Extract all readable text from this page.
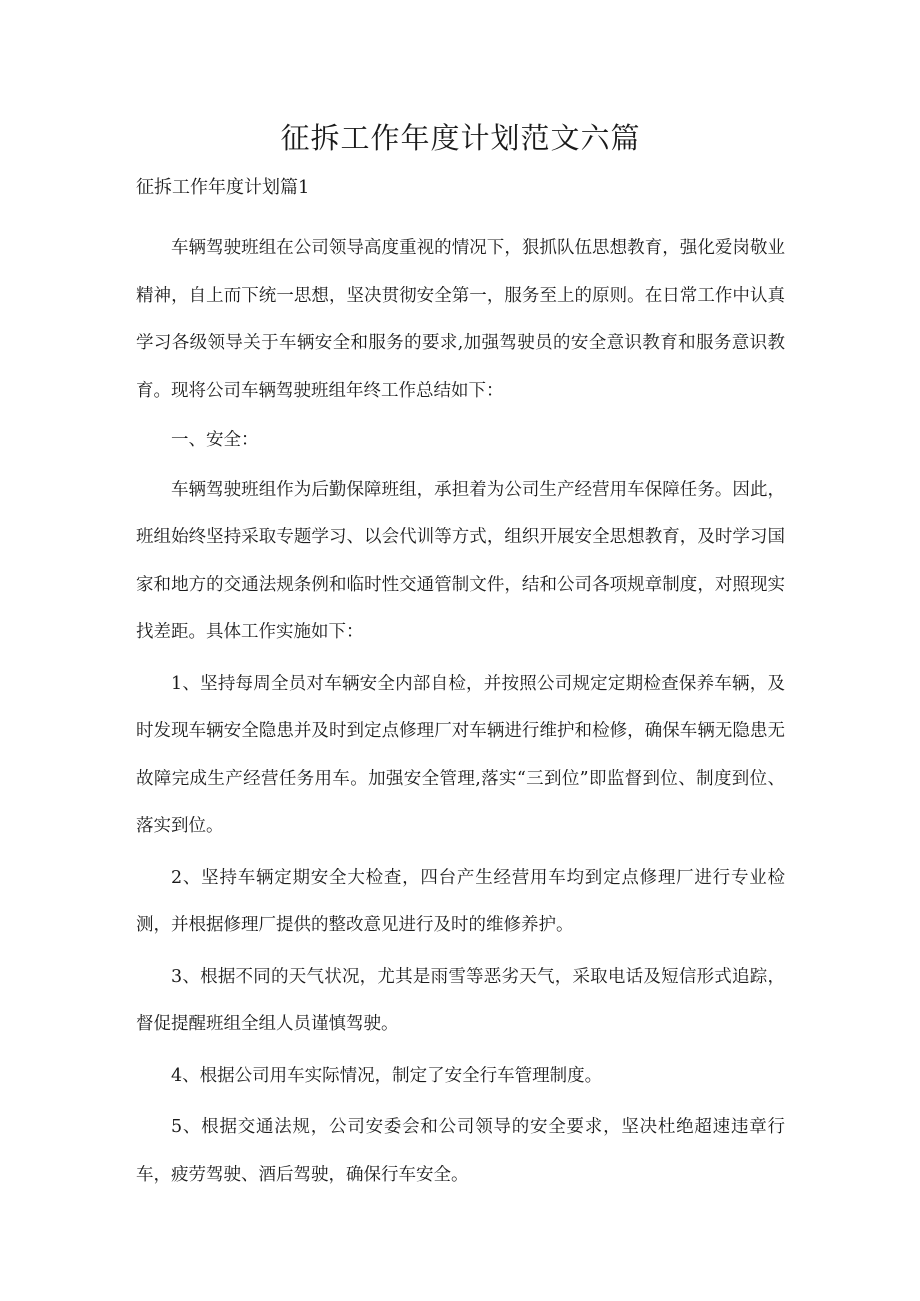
征拆工作年度计划范文六篇
征拆工作年度计划篇1

车辆驾驶班组在公司领导高度重视的情况下，狠抓队伍思想教育，强化爱岗敬业精神，自上而下统一思想，坚决贯彻安全第一，服务至上的原则。在日常工作中认真学习各级领导关于车辆安全和服务的要求,加强驾驶员的安全意识教育和服务意识教育。现将公司车辆驾驶班组年终工作总结如下：

一、安全：

车辆驾驶班组作为后勤保障班组，承担着为公司生产经营用车保障任务。因此，班组始终坚持采取专题学习、以会代训等方式，组织开展安全思想教育，及时学习国家和地方的交通法规条例和临时性交通管制文件，结和公司各项规章制度，对照现实找差距。具体工作实施如下：

1、坚持每周全员对车辆安全内部自检，并按照公司规定定期检查保养车辆，及时发现车辆安全隐患并及时到定点修理厂对车辆进行维护和检修，确保车辆无隐患无故障完成生产经营任务用车。加强安全管理,落实“三到位”即监督到位、制度到位、落实到位。

2、坚持车辆定期安全大检查，四台产生经营用车均到定点修理厂进行专业检测，并根据修理厂提供的整改意见进行及时的维修养护。

3、根据不同的天气状况，尤其是雨雪等恶劣天气，采取电话及短信形式追踪，督促提醒班组全组人员谨慎驾驶。

4、根据公司用车实际情况，制定了安全行车管理制度。

5、根据交通法规，公司安委会和公司领导的安全要求，坚决杜绝超速违章行车，疲劳驾驶、酒后驾驶，确保行车安全。
